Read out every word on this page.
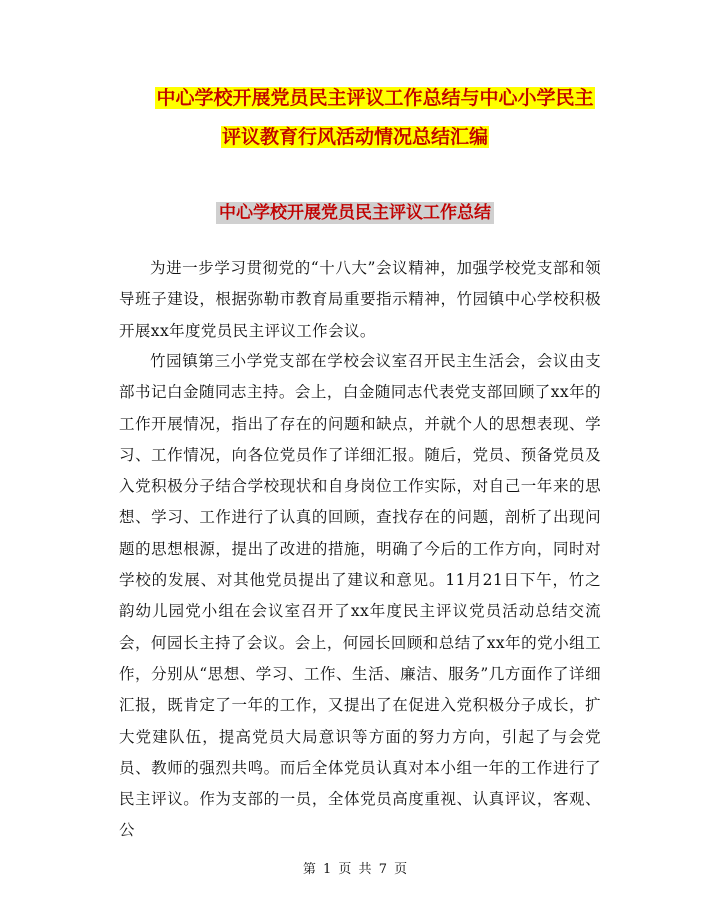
中心学校开展党员民主评议工作总结与中心小学民主
评议教育行风活动情况总结汇编
中心学校开展党员民主评议工作总结

为进一步学习贯彻党的“十八大”会议精神，加强学校党支部和领导班子建设，根据弥勒市教育局重要指示精神，竹园镇中心学校积极开展xx年度党员民主评议工作会议。

竹园镇第三小学党支部在学校会议室召开民主生活会，会议由支部书记白金随同志主持。会上，白金随同志代表党支部回顾了xx年的工作开展情况，指出了存在的问题和缺点，并就个人的思想表现、学习、工作情况，向各位党员作了详细汇报。随后，党员、预备党员及入党积极分子结合学校现状和自身岗位工作实际，对自己一年来的思想、学习、工作进行了认真的回顾，查找存在的问题，剖析了出现问题的思想根源，提出了改进的措施，明确了今后的工作方向，同时对学校的发展、对其他党员提出了建议和意见。11月21日下午，竹之韵幼儿园党小组在会议室召开了xx年度民主评议党员活动总结交流会，何园长主持了会议。会上，何园长回顾和总结了xx年的党小组工作，分别从“思想、学习、工作、生活、廉洁、服务”几方面作了详细汇报，既肯定了一年的工作，又提出了在促进入党积极分子成长，扩大党建队伍，提高党员大局意识等方面的努力方向，引起了与会党员、教师的强烈共鸣。而后全体党员认真对本小组一年的工作进行了民主评议。作为支部的一员，全体党员高度重视、认真评议，客观、公

第 1 页 共 7 页
